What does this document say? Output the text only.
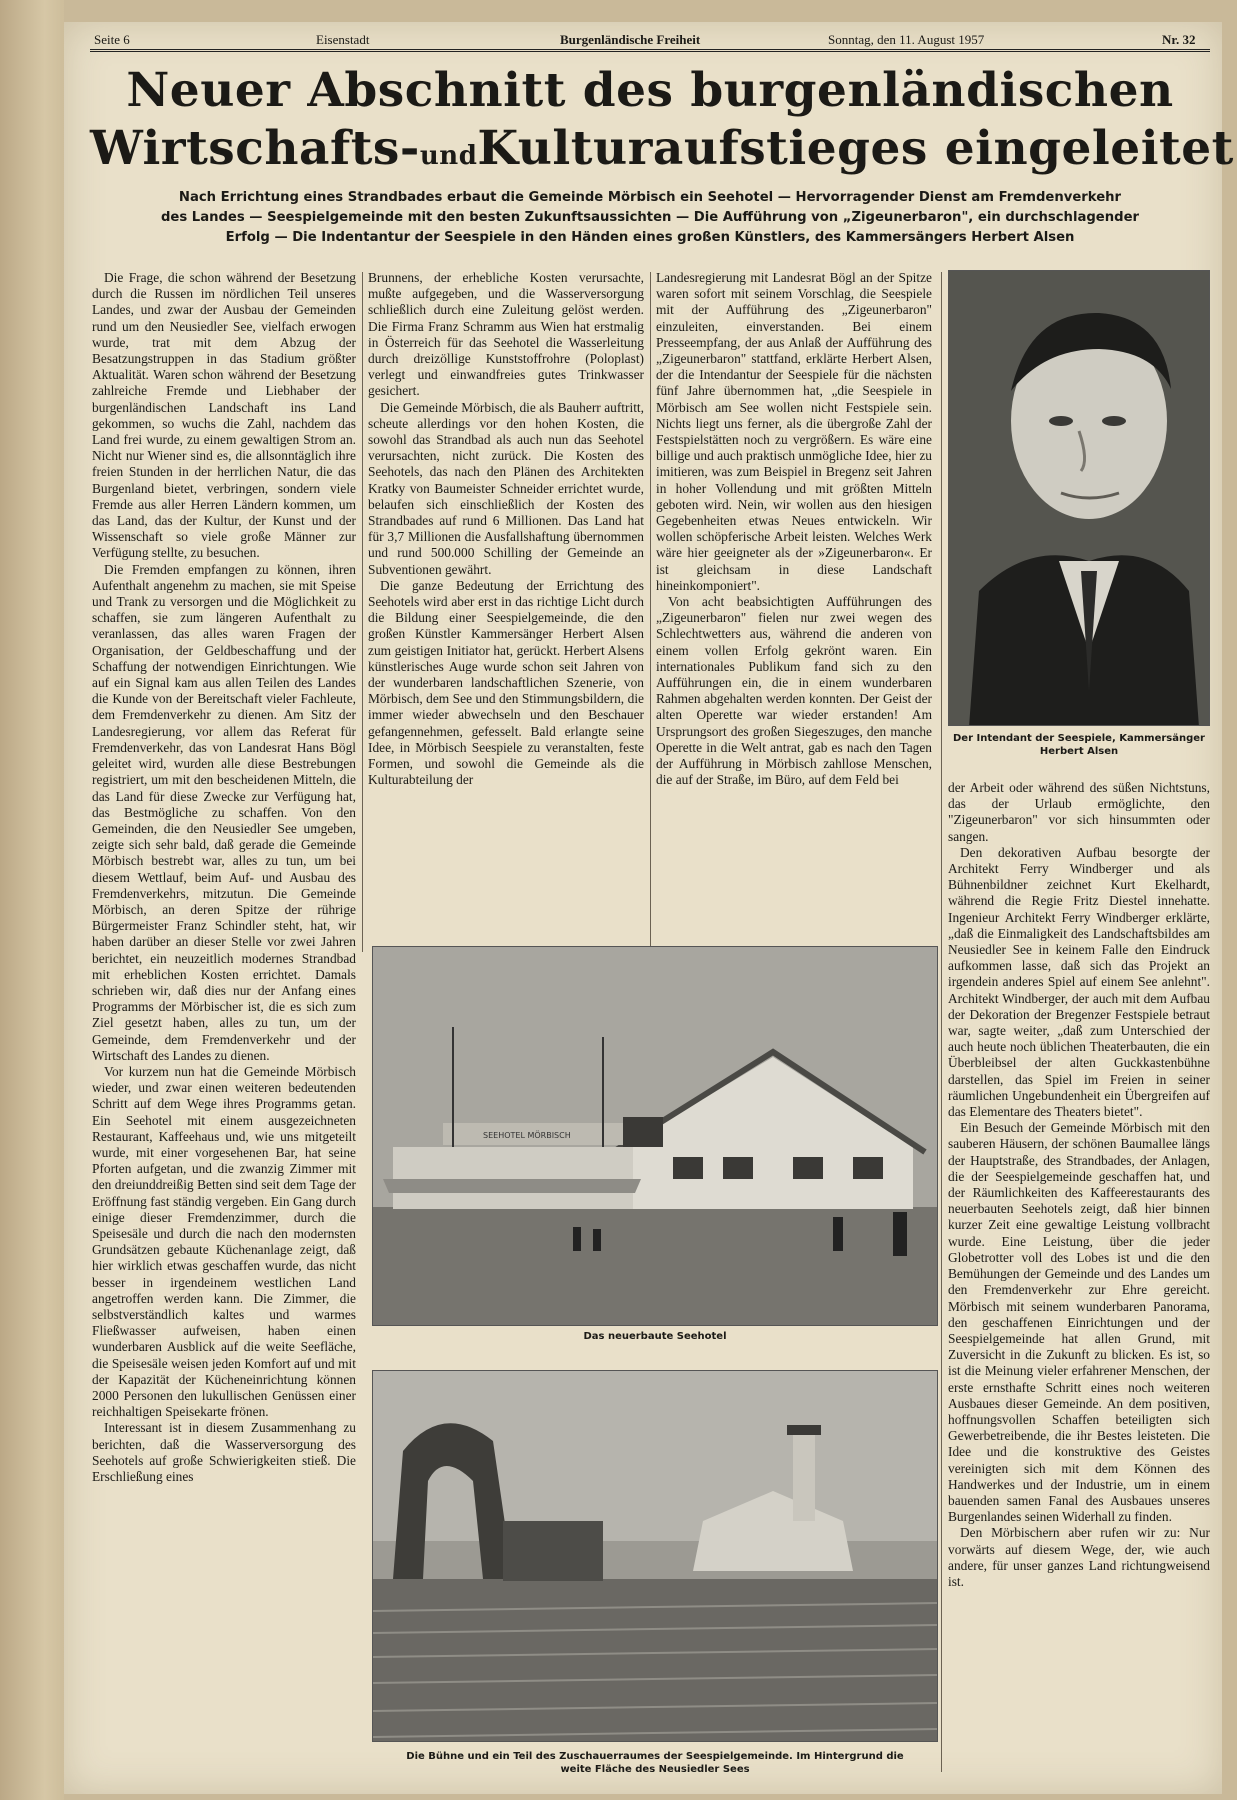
Seite 6	Eisenstadt	Burgenländische Freiheit	Sonntag, den 11. August 1957	Nr. 32
Neuer Abschnitt des burgenländischen
Wirtschafts-undKulturaufstieges eingeleitet
Nach Errichtung eines Strandbades erbaut die Gemeinde Mörbisch ein Seehotel — Hervorragender Dienst am Fremdenverkehr
des Landes — Seespielgemeinde mit den besten Zukunftsaussichten — Die Aufführung von „Zigeunerbaron", ein durchschlagender
Erfolg — Die Indentantur der Seespiele in den Händen eines großen Künstlers, des Kammersängers Herbert Alsen

Die Frage, die schon während der Besetzung durch die Russen im nördlichen Teil unseres Landes, und zwar der Ausbau der Gemeinden rund um den Neusiedler See, vielfach erwogen wurde, trat mit dem Abzug der Besatzungstruppen in das Stadium größter Aktualität. Waren schon während der Besetzung zahlreiche Fremde und Liebhaber der burgenländischen Landschaft ins Land gekommen, so wuchs die Zahl, nachdem das Land frei wurde, zu einem gewaltigen Strom an. Nicht nur Wiener sind es, die allsonntäglich ihre freien Stunden in der herrlichen Natur, die das Burgenland bietet, verbringen, sondern viele Fremde aus aller Herren Ländern kommen, um das Land, das der Kultur, der Kunst und der Wissenschaft so viele große Männer zur Verfügung stellte, zu besuchen.

Die Fremden empfangen zu können, ihren Aufenthalt angenehm zu machen, sie mit Speise und Trank zu versorgen und die Möglichkeit zu schaffen, sie zum längeren Aufenthalt zu veranlassen, das alles waren Fragen der Organisation, der Geldbeschaffung und der Schaffung der notwendigen Einrichtungen. Wie auf ein Signal kam aus allen Teilen des Landes die Kunde von der Bereitschaft vieler Fachleute, dem Fremdenverkehr zu dienen. Am Sitz der Landesregierung, vor allem das Referat für Fremdenverkehr, das von Landesrat Hans Bögl geleitet wird, wurden alle diese Bestrebungen registriert, um mit den bescheidenen Mitteln, die das Land für diese Zwecke zur Verfügung hat, das Bestmögliche zu schaffen. Von den Gemeinden, die den Neusiedler See umgeben, zeigte sich sehr bald, daß gerade die Gemeinde Mörbisch bestrebt war, alles zu tun, um bei diesem Wettlauf, beim Auf- und Ausbau des Fremdenverkehrs, mitzutun. Die Gemeinde Mörbisch, an deren Spitze der rührige Bürgermeister Franz Schindler steht, hat, wir haben darüber an dieser Stelle vor zwei Jahren berichtet, ein neuzeitlich modernes Strandbad mit erheblichen Kosten errichtet. Damals schrieben wir, daß dies nur der Anfang eines Programms der Mörbischer ist, die es sich zum Ziel gesetzt haben, alles zu tun, um der Gemeinde, dem Fremdenverkehr und der Wirtschaft des Landes zu dienen.

Vor kurzem nun hat die Gemeinde Mörbisch wieder, und zwar einen weiteren bedeutenden Schritt auf dem Wege ihres Programms getan. Ein Seehotel mit einem ausgezeichneten Restaurant, Kaffeehaus und, wie uns mitgeteilt wurde, mit einer vorgesehenen Bar, hat seine Pforten aufgetan, und die zwanzig Zimmer mit den dreiunddreißig Betten sind seit dem Tage der Eröffnung fast ständig vergeben. Ein Gang durch einige dieser Fremdenzimmer, durch die Speisesäle und durch die nach den modernsten Grundsätzen gebaute Küchenanlage zeigt, daß hier wirklich etwas geschaffen wurde, das nicht besser in irgendeinem westlichen Land angetroffen werden kann. Die Zimmer, die selbstverständlich kaltes und warmes Fließwasser aufweisen, haben einen wunderbaren Ausblick auf die weite Seefläche, die Speisesäle weisen jeden Komfort auf und mit der Kapazität der Kücheneinrichtung können 2000 Personen den lukullischen Genüssen einer reichhaltigen Speisekarte frönen.

Interessant ist in diesem Zusammenhang zu berichten, daß die Wasserversorgung des Seehotels auf große Schwierigkeiten stieß. Die Erschließung eines

Brunnens, der erhebliche Kosten verursachte, mußte aufgegeben, und die Wasserversorgung schließlich durch eine Zuleitung gelöst werden. Die Firma Franz Schramm aus Wien hat erstmalig in Österreich für das Seehotel die Wasserleitung durch dreizöllige Kunststoffrohre (Poloplast) verlegt und einwandfreies gutes Trinkwasser gesichert.

Die Gemeinde Mörbisch, die als Bauherr auftritt, scheute allerdings vor den hohen Kosten, die sowohl das Strandbad als auch nun das Seehotel verursachten, nicht zurück. Die Kosten des Seehotels, das nach den Plänen des Architekten Kratky von Baumeister Schneider errichtet wurde, belaufen sich einschließlich der Kosten des Strandbades auf rund 6 Millionen. Das Land hat für 3,7 Millionen die Ausfallshaftung übernommen und rund 500.000 Schilling der Gemeinde an Subventionen gewährt.

Die ganze Bedeutung der Errichtung des Seehotels wird aber erst in das richtige Licht durch die Bildung einer Seespielgemeinde, die den großen Künstler Kammersänger Herbert Alsen zum geistigen Initiator hat, gerückt. Herbert Alsens künstlerisches Auge wurde schon seit Jahren von der wunderbaren landschaftlichen Szenerie, von Mörbisch, dem See und den Stimmungsbildern, die immer wieder abwechseln und den Beschauer gefangennehmen, gefesselt. Bald erlangte seine Idee, in Mörbisch Seespiele zu veranstalten, feste Formen, und sowohl die Gemeinde als die Kulturabteilung der

Landesregierung mit Landesrat Bögl an der Spitze waren sofort mit seinem Vorschlag, die Seespiele mit der Aufführung des „Zigeunerbaron" einzuleiten, einverstanden. Bei einem Presseempfang, der aus Anlaß der Aufführung des „Zigeunerbaron" stattfand, erklärte Herbert Alsen, der die Intendantur der Seespiele für die nächsten fünf Jahre übernommen hat, „die Seespiele in Mörbisch am See wollen nicht Festspiele sein. Nichts liegt uns ferner, als die übergroße Zahl der Festspielstätten noch zu vergrößern. Es wäre eine billige und auch praktisch unmögliche Idee, hier zu imitieren, was zum Beispiel in Bregenz seit Jahren in hoher Vollendung und mit größten Mitteln geboten wird. Nein, wir wollen aus den hiesigen Gegebenheiten etwas Neues entwickeln. Wir wollen schöpferische Arbeit leisten. Welches Werk wäre hier geeigneter als der »Zigeunerbaron«. Er ist gleichsam in diese Landschaft hineinkomponiert".

Von acht beabsichtigten Aufführungen des „Zigeunerbaron" fielen nur zwei wegen des Schlechtwetters aus, während die anderen von einem vollen Erfolg gekrönt waren. Ein internationales Publikum fand sich zu den Aufführungen ein, die in einem wunderbaren Rahmen abgehalten werden konnten. Der Geist der alten Operette war wieder erstanden! Am Ursprungsort des großen Siegeszuges, den manche Operette in die Welt antrat, gab es nach den Tagen der Aufführung in Mörbisch zahllose Menschen, die auf der Straße, im Büro, auf dem Feld bei

der Arbeit oder während des süßen Nichtstuns, das der Urlaub ermöglichte, den "Zigeunerbaron" vor sich hinsummten oder sangen.

Den dekorativen Aufbau besorgte der Architekt Ferry Windberger und als Bühnenbildner zeichnet Kurt Ekelhardt, während die Regie Fritz Diestel innehatte. Ingenieur Architekt Ferry Windberger erklärte, „daß die Einmaligkeit des Landschaftsbildes am Neusiedler See in keinem Falle den Eindruck aufkommen lasse, daß sich das Projekt an irgendein anderes Spiel auf einem See anlehnt". Architekt Windberger, der auch mit dem Aufbau der Dekoration der Bregenzer Festspiele betraut war, sagte weiter, „daß zum Unterschied der auch heute noch üblichen Theaterbauten, die ein Überbleibsel der alten Guckkastenbühne darstellen, das Spiel im Freien in seiner räumlichen Ungebundenheit ein Übergreifen auf das Elementare des Theaters bietet".

Ein Besuch der Gemeinde Mörbisch mit den sauberen Häusern, der schönen Baumallee längs der Hauptstraße, des Strandbades, der Anlagen, die der Seespielgemeinde geschaffen hat, und der Räumlichkeiten des Kaffeerestaurants des neuerbauten Seehotels zeigt, daß hier binnen kurzer Zeit eine gewaltige Leistung vollbracht wurde. Eine Leistung, über die jeder Globetrotter voll des Lobes ist und die den Bemühungen der Gemeinde und des Landes um den Fremdenverkehr zur Ehre gereicht. Mörbisch mit seinem wunderbaren Panorama, den geschaffenen Einrichtungen und der Seespielgemeinde hat allen Grund, mit Zuversicht in die Zukunft zu blicken. Es ist, so ist die Meinung vieler erfahrener Menschen, der erste ernsthafte Schritt eines noch weiteren Ausbaues dieser Gemeinde. An dem positiven, hoffnungsvollen Schaffen beteiligten sich Gewerbetreibende, die ihr Bestes leisteten. Die Idee und die konstruktive des Geistes vereinigten sich mit dem Können des Handwerkes und der Industrie, um in einem bauenden samen Fanal des Ausbaues unseres Burgenlandes seinen Widerhall zu finden.

Den Mörbischern aber rufen wir zu: Nur vorwärts auf diesem Wege, der, wie auch andere, für unser ganzes Land richtungweisend ist.

Der Intendant der Seespiele, Kammersänger
Herbert Alsen
SEEHOTEL MÖRBISCH
Das neuerbaute Seehotel
Die Bühne und ein Teil des Zuschauerraumes der Seespielgemeinde. Im Hintergrund die
weite Fläche des Neusiedler Sees
